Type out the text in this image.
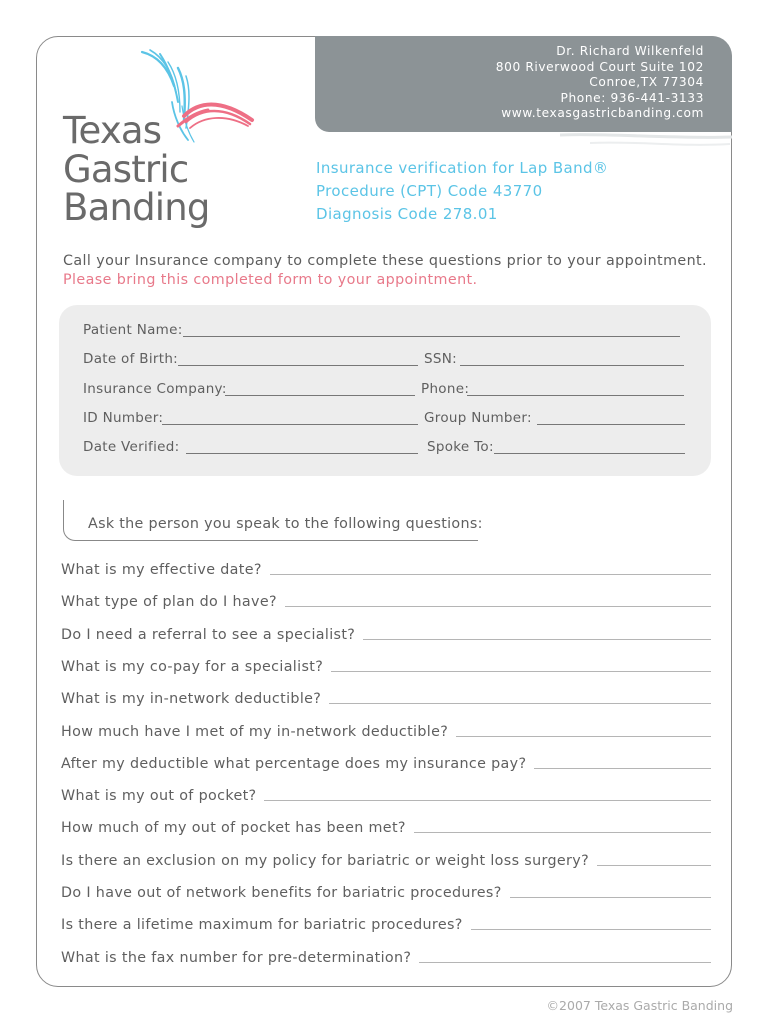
Dr. Richard Wilkenfeld
800 Riverwood Court Suite 102
Conroe,TX 77304
Phone: 936-441-3133
www.texasgastricbanding.com
Texas
Gastric
Banding
Insurance verification for Lap Band®
Procedure (CPT) Code 43770
Diagnosis Code 278.01
Call your Insurance company to complete these questions prior to your appointment.
Please bring this completed form to your appointment.
Patient Name:
Date of Birth:	SSN:
Insurance Company:	Phone:
ID Number:	Group Number:
Date Verified:	Spoke To:
Ask the person you speak to the following questions:
What is my effective date?
What type of plan do I have?
Do I need a referral to see a specialist?
What is my co-pay for a specialist?
What is my in-network deductible?
How much have I met of my in-network deductible?
After my deductible what percentage does my insurance pay?
What is my out of pocket?
How much of my out of pocket has been met?
Is there an exclusion on my policy for bariatric or weight loss surgery?
Do I have out of network benefits for bariatric procedures?
Is there a lifetime maximum for bariatric procedures?
What is the fax number for pre-determination?
©2007 Texas Gastric Banding
